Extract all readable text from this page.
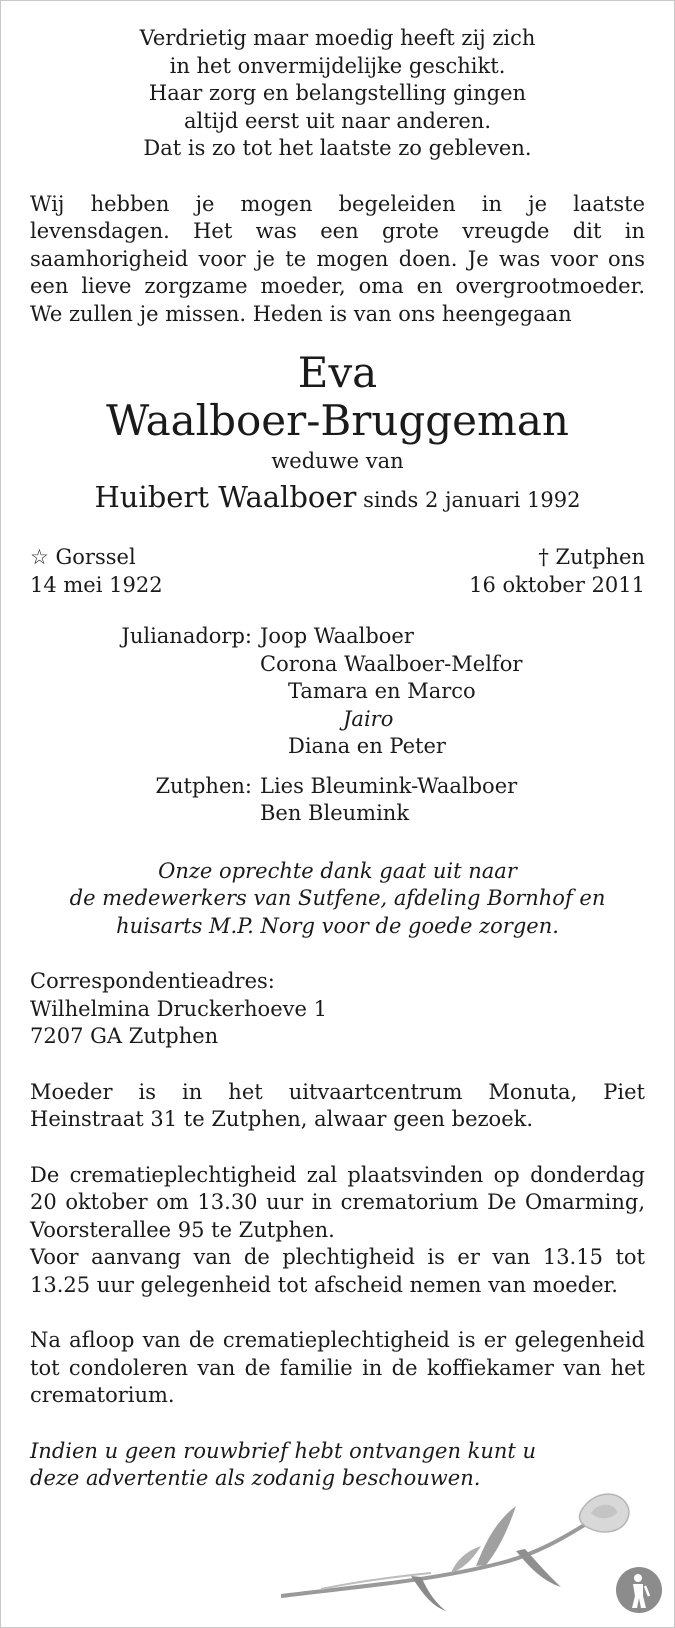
Verdrietig maar moedig heeft zij zich
in het onvermijdelijke geschikt.
Haar zorg en belangstelling gingen
altijd eerst uit naar anderen.
Dat is zo tot het laatste zo gebleven.
Wij hebben je mogen begeleiden in je laatste levensdagen. Het was een grote vreugde dit in saamhorigheid voor je te mogen doen. Je was voor ons een lieve zorgzame moeder, oma en overgrootmoeder. We zullen je missen. Heden is van ons heengegaan
Eva
Waalboer-Bruggeman
weduwe van
Huibert Waalboer sinds 2 januari 1992
☆ Gorssel	† Zutphen
14 mei 1922	16 oktober 2011
Julianadorp: Joop Waalboer
Corona Waalboer-Melfor
Tamara en Marco
Jairo
Diana en Peter
Zutphen: Lies Bleumink-Waalboer
Ben Bleumink
Onze oprechte dank gaat uit naar
de medewerkers van Sutfene, afdeling Bornhof en
huisarts M.P. Norg voor de goede zorgen.
Correspondentieadres:
Wilhelmina Druckerhoeve 1
7207 GA Zutphen
Moeder is in het uitvaartcentrum Monuta, Piet Heinstraat 31 te Zutphen, alwaar geen bezoek.
De crematieplechtigheid zal plaatsvinden op donderdag 20 oktober om 13.30 uur in crematorium De Omarming, Voorsterallee 95 te Zutphen.
Voor aanvang van de plechtigheid is er van 13.15 tot 13.25 uur gelegenheid tot afscheid nemen van moeder.
Na afloop van de crematieplechtigheid is er gelegenheid tot condoleren van de familie in de koffiekamer van het crematorium.
Indien u geen rouwbrief hebt ontvangen kunt u deze advertentie als zodanig beschouwen.
